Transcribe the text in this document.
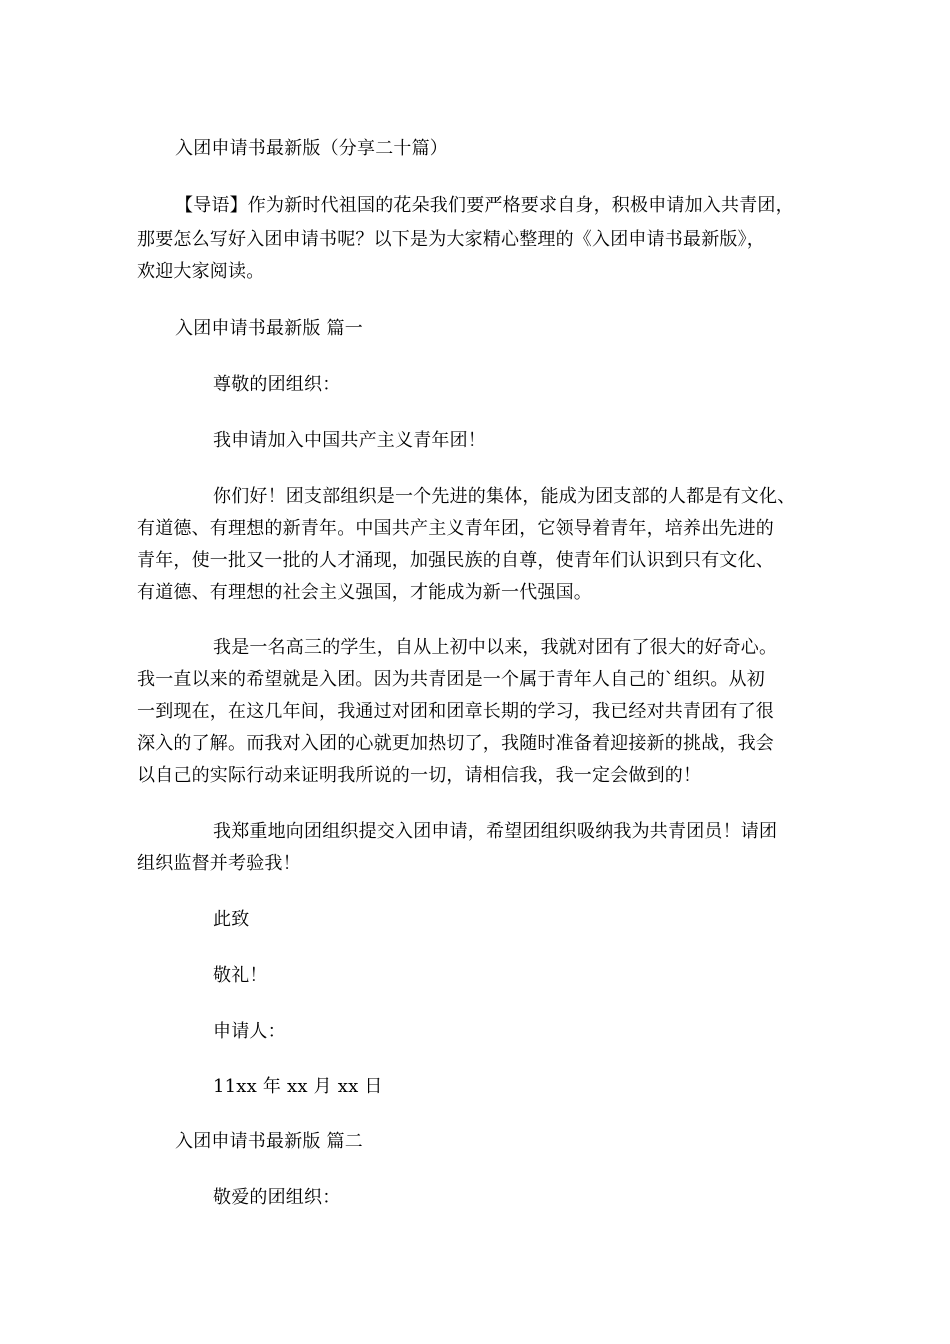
入团申请书最新版（分享二十篇）
【导语】作为新时代祖国的花朵我们要严格要求自身，积极申请加入共青团，
那要怎么写好入团申请书呢？以下是为大家精心整理的《入团申请书最新版》，
欢迎大家阅读。
入团申请书最新版 篇一
尊敬的团组织：
我申请加入中国共产主义青年团！
你们好！团支部组织是一个先进的集体，能成为团支部的人都是有文化、
有道德、有理想的新青年。中国共产主义青年团，它领导着青年，培养出先进的
青年，使一批又一批的人才涌现，加强民族的自尊，使青年们认识到只有文化、
有道德、有理想的社会主义强国，才能成为新一代强国。
我是一名高三的学生，自从上初中以来，我就对团有了很大的好奇心。
我一直以来的希望就是入团。因为共青团是一个属于青年人自己的`组织。从初
一到现在，在这几年间，我通过对团和团章长期的学习，我已经对共青团有了很
深入的了解。而我对入团的心就更加热切了，我随时准备着迎接新的挑战，我会
以自己的实际行动来证明我所说的一切，请相信我，我一定会做到的！
我郑重地向团组织提交入团申请，希望团组织吸纳我为共青团员！请团
组织监督并考验我！
此致
敬礼！
申请人：
11xx 年 xx 月 xx 日
入团申请书最新版 篇二
敬爱的团组织：
